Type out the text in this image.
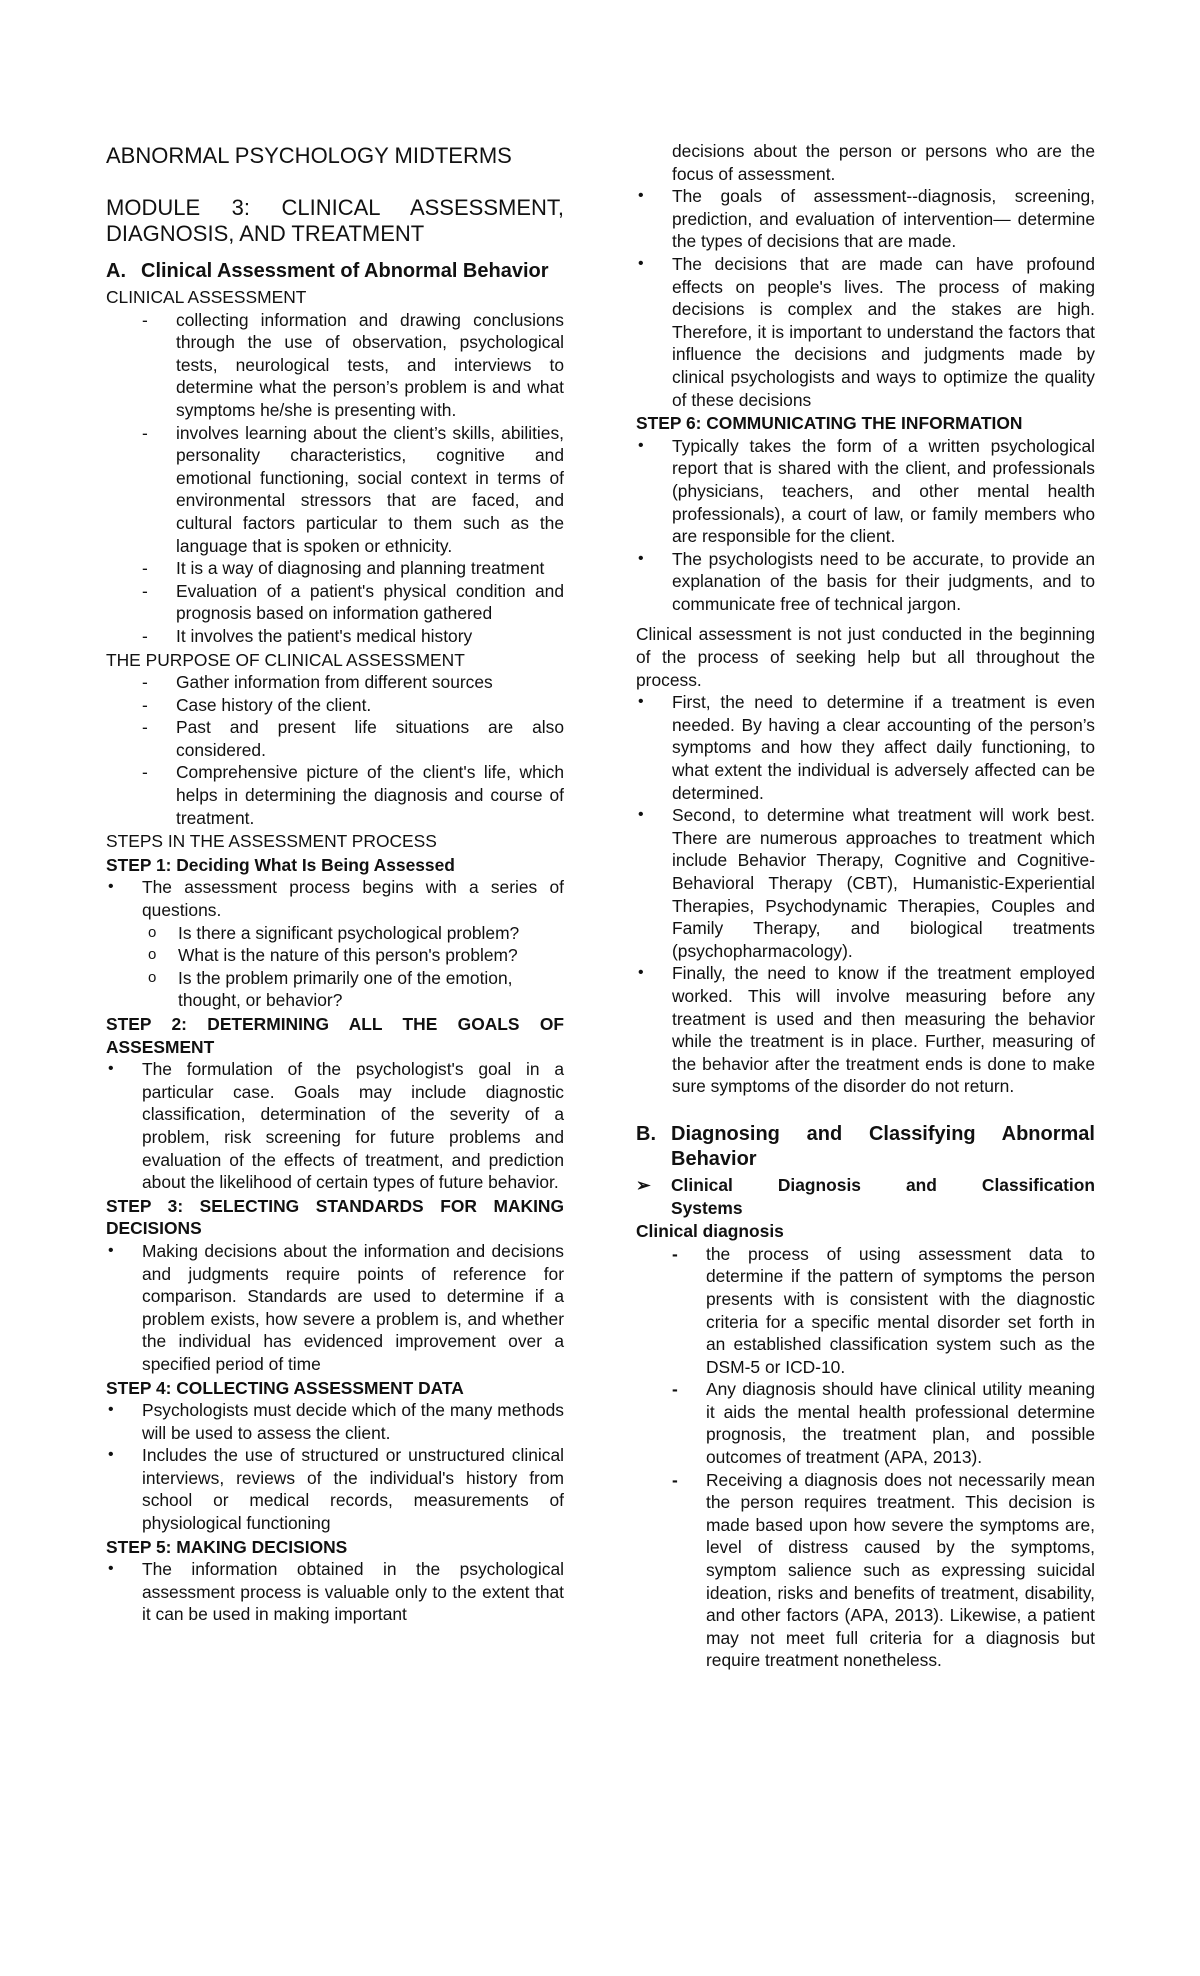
ABNORMAL PSYCHOLOGY MIDTERMS
MODULE 3: CLINICAL ASSESSMENT,
DIAGNOSIS, AND TREATMENT
A. Clinical Assessment of Abnormal Behavior
CLINICAL ASSESSMENT
- collecting information and drawing conclusions through the use of observation, psychological tests, neurological tests, and interviews to determine what the person’s problem is and what symptoms he/she is presenting with.
- involves learning about the client’s skills, abilities, personality characteristics, cognitive and emotional functioning, social context in terms of environmental stressors that are faced, and cultural factors particular to them such as the language that is spoken or ethnicity.
- It is a way of diagnosing and planning treatment
- Evaluation of a patient's physical condition and prognosis based on information gathered
- It involves the patient's medical history
THE PURPOSE OF CLINICAL ASSESSMENT
- Gather information from different sources
- Case history of the client.
- Past and present life situations are also considered.
- Comprehensive picture of the client's life, which helps in determining the diagnosis and course of treatment.
STEPS IN THE ASSESSMENT PROCESS
STEP 1: Deciding What Is Being Assessed
• The assessment process begins with a series of questions.
o Is there a significant psychological problem?
o What is the nature of this person's problem?
o Is the problem primarily one of the emotion, thought, or behavior?
STEP 2: DETERMINING ALL THE GOALS OF ASSESMENT
• The formulation of the psychologist's goal in a particular case. Goals may include diagnostic classification, determination of the severity of a problem, risk screening for future problems and evaluation of the effects of treatment, and prediction about the likelihood of certain types of future behavior.
STEP 3: SELECTING STANDARDS FOR MAKING DECISIONS
• Making decisions about the information and decisions and judgments require points of reference for comparison. Standards are used to determine if a problem exists, how severe a problem is, and whether the individual has evidenced improvement over a specified period of time
STEP 4: COLLECTING ASSESSMENT DATA
• Psychologists must decide which of the many methods will be used to assess the client.
• Includes the use of structured or unstructured clinical interviews, reviews of the individual's history from school or medical records, measurements of physiological functioning
STEP 5: MAKING DECISIONS
• The information obtained in the psychological assessment process is valuable only to the extent that it can be used in making important
decisions about the person or persons who are the focus of assessment.
• The goals of assessment--diagnosis, screening, prediction, and evaluation of intervention— determine the types of decisions that are made.
• The decisions that are made can have profound effects on people's lives. The process of making decisions is complex and the stakes are high. Therefore, it is important to understand the factors that influence the decisions and judgments made by clinical psychologists and ways to optimize the quality of these decisions
STEP 6: COMMUNICATING THE INFORMATION
• Typically takes the form of a written psychological report that is shared with the client, and professionals (physicians, teachers, and other mental health professionals), a court of law, or family members who are responsible for the client.
• The psychologists need to be accurate, to provide an explanation of the basis for their judgments, and to communicate free of technical jargon.

Clinical assessment is not just conducted in the beginning of the process of seeking help but all throughout the process.

• First, the need to determine if a treatment is even needed. By having a clear accounting of the person’s symptoms and how they affect daily functioning, to what extent the individual is adversely affected can be determined.
• Second, to determine what treatment will work best. There are numerous approaches to treatment which include Behavior Therapy, Cognitive and Cognitive-Behavioral Therapy (CBT), Humanistic-Experiential Therapies, Psychodynamic Therapies, Couples and Family Therapy, and biological treatments (psychopharmacology).
• Finally, the need to know if the treatment employed worked. This will involve measuring before any treatment is used and then measuring the behavior while the treatment is in place. Further, measuring of the behavior after the treatment ends is done to make sure symptoms of the disorder do not return.
B. Diagnosing and Classifying Abnormal Behavior
➢	Clinical Diagnosis and Classification
Systems
Clinical diagnosis
- the process of using assessment data to determine if the pattern of symptoms the person presents with is consistent with the diagnostic criteria for a specific mental disorder set forth in an established classification system such as the DSM-5 or ICD-10.
- Any diagnosis should have clinical utility meaning it aids the mental health professional determine prognosis, the treatment plan, and possible outcomes of treatment (APA, 2013).
- Receiving a diagnosis does not necessarily mean the person requires treatment. This decision is made based upon how severe the symptoms are, level of distress caused by the symptoms, symptom salience such as expressing suicidal ideation, risks and benefits of treatment, disability, and other factors (APA, 2013). Likewise, a patient may not meet full criteria for a diagnosis but require treatment nonetheless.
